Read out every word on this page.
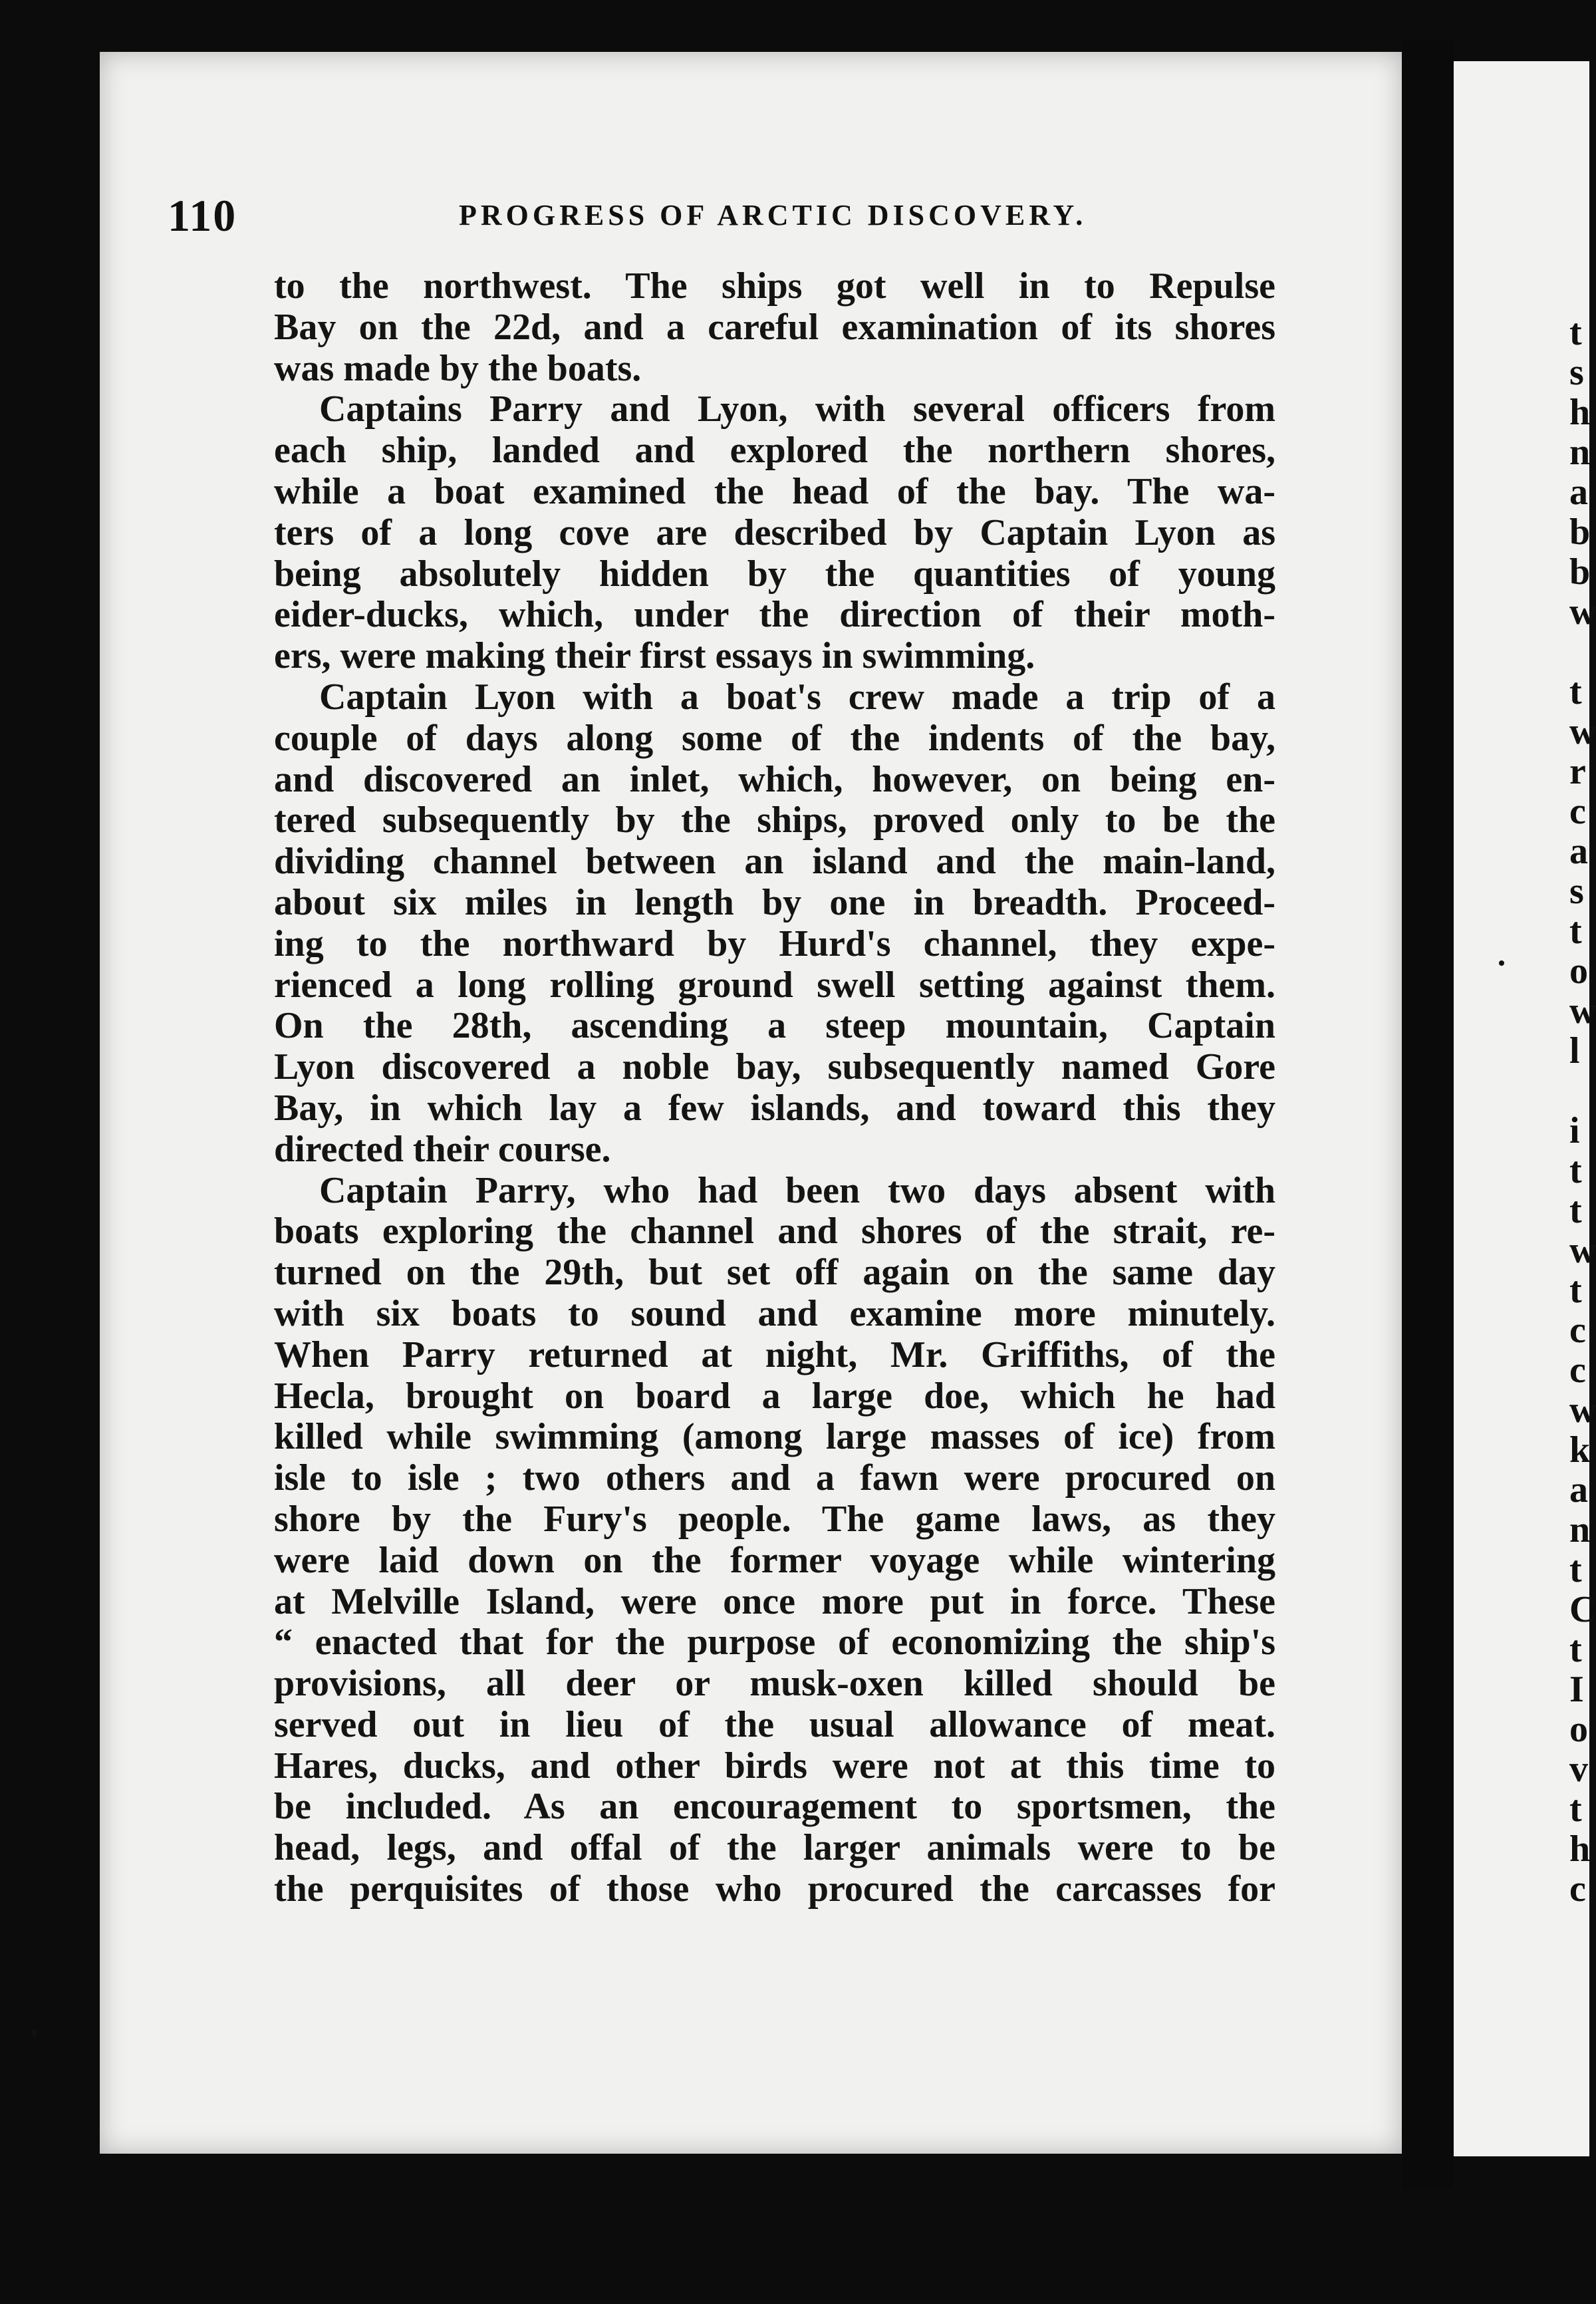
t
s
h
n
a
b
b
w

t
w
r
c
a
s
t
o
w
l

i
t
t
w
t
c
c
w
k
a
n
t
C
t
I
o
v
t
h
c
110	PROGRESS OF ARCTIC DISCOVERY.
to the northwest. The ships got well in to Repulse
Bay on the 22d, and a careful examination of its shores
was made by the boats.
Captains Parry and Lyon, with several officers from
each ship, landed and explored the northern shores,
while a boat examined the head of the bay. The wa-
ters of a long cove are described by Captain Lyon as
being absolutely hidden by the quantities of young
eider-ducks, which, under the direction of their moth-
ers, were making their first essays in swimming.
Captain Lyon with a boat's crew made a trip of a
couple of days along some of the indents of the bay,
and discovered an inlet, which, however, on being en-
tered subsequently by the ships, proved only to be the
dividing channel between an island and the main-land,
about six miles in length by one in breadth. Proceed-
ing to the northward by Hurd's channel, they expe-
rienced a long rolling ground swell setting against them.
On the 28th, ascending a steep mountain, Captain
Lyon discovered a noble bay, subsequently named Gore
Bay, in which lay a few islands, and toward this they
directed their course.
Captain Parry, who had been two days absent with
boats exploring the channel and shores of the strait, re-
turned on the 29th, but set off again on the same day
with six boats to sound and examine more minutely.
When Parry returned at night, Mr. Griffiths, of the
Hecla, brought on board a large doe, which he had
killed while swimming (among large masses of ice) from
isle to isle ; two others and a fawn were procured on
shore by the Fury's people. The game laws, as they
were laid down on the former voyage while wintering
at Melville Island, were once more put in force. These
“ enacted that for the purpose of economizing the ship's
provisions, all deer or musk-oxen killed should be
served out in lieu of the usual allowance of meat.
Hares, ducks, and other birds were not at this time to
be included. As an encouragement to sportsmen, the
head, legs, and offal of the larger animals were to be
the perquisites of those who procured the carcasses for
